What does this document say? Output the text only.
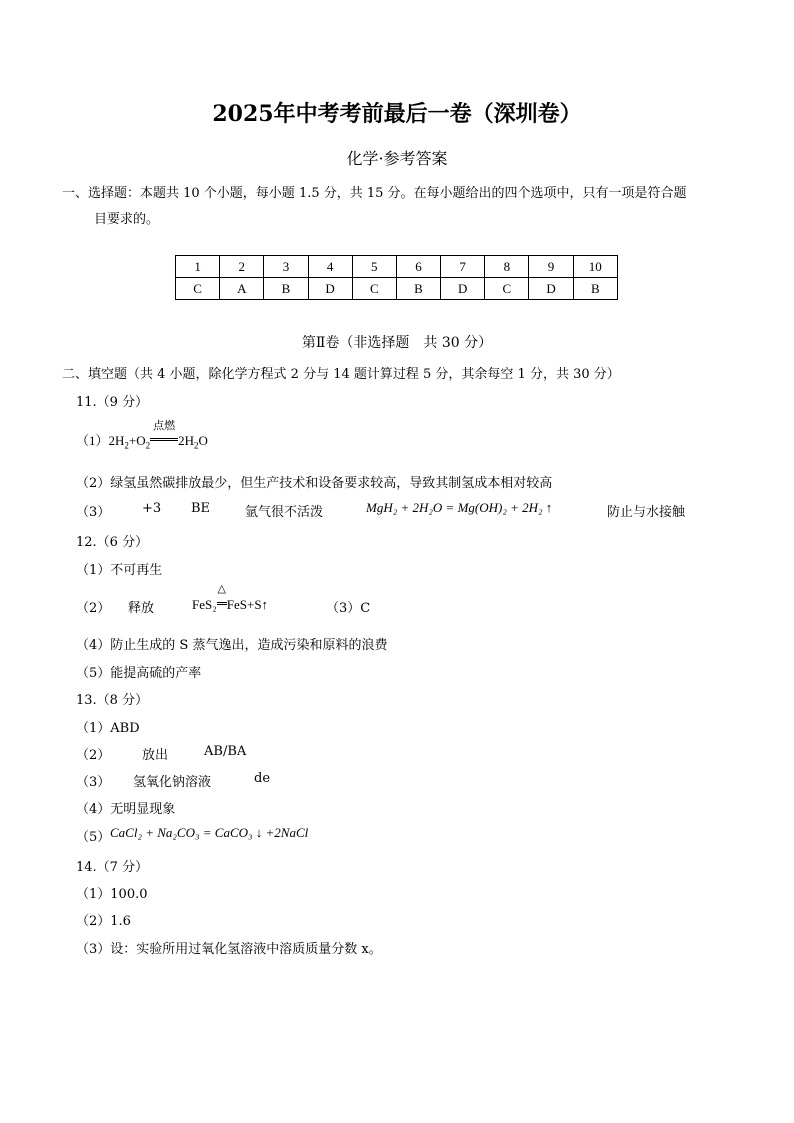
2025年中考考前最后一卷（深圳卷）
化学·参考答案
一、选择题：本题共 10 个小题，每小题 1.5 分，共 15 分。在每小题给出的四个选项中，只有一项是符合题
目要求的。
1	2	3	4	5	6	7	8	9	10
C	A	B	D	C	B	D	C	D	B
第Ⅱ卷（非选择题　共 30 分）
二、填空题（共 4 小题，除化学方程式 2 分与 14 题计算过程 5 分，其余每空 1 分，共 30 分）
11.（9 分）
$(1)2H_2+O_2$
点燃
$2H_2O$
（2）绿氢虽然碳排放最少，但生产技术和设备要求较高，导致其制氢成本相对较高
（3） +3 BE	氩气很不活泼	MgH₂ + 2H₂O = Mg(OH)₂ + 2H₂ ↑	防止与水接触
12.（6 分）
（1）不可再生
（2） 释放	FeS₂
△
FeS+S↑	（3）C
（4）防止生成的 S 蒸气逸出，造成污染和原料的浪费
（5）能提高硫的产率
13.（8 分）
（1）ABD
（2） 放出	AB/BA
（3） 氢氧化钠溶液	de
（4）无明显现象
（5） CaCl₂ + Na₂CO₃ = CaCO₃ ↓ +2NaCl
14.（7 分）
（1）100.0
（2）1.6
（3）设：实验所用过氧化氢溶液中溶质质量分数 x。
